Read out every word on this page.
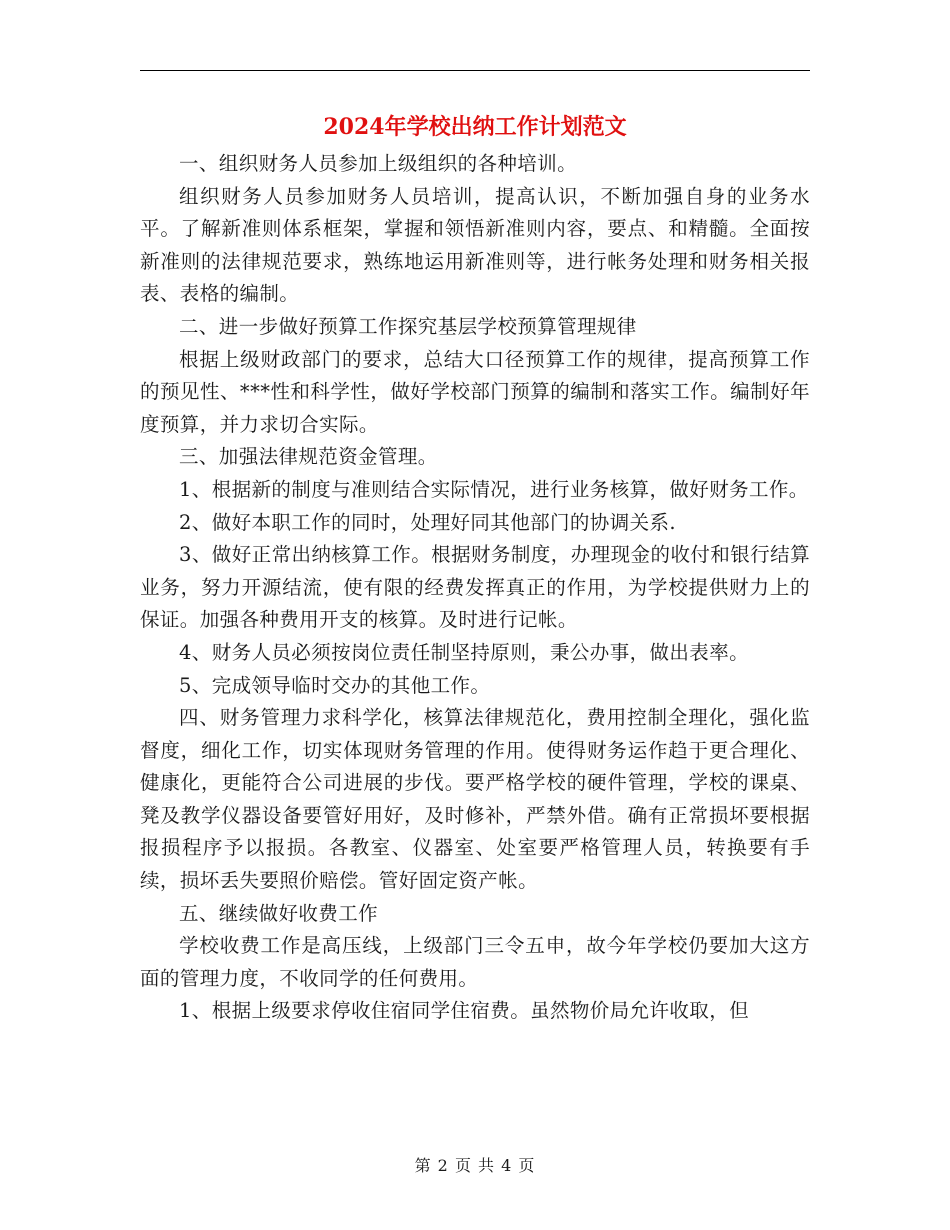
2024年学校出纳工作计划范文

一、组织财务人员参加上级组织的各种培训。

组织财务人员参加财务人员培训，提高认识，不断加强自身的业务水平。了解新准则体系框架，掌握和领悟新准则内容，要点、和精髓。全面按新准则的法律规范要求，熟练地运用新准则等，进行帐务处理和财务相关报表、表格的编制。

二、进一步做好预算工作探究基层学校预算管理规律

根据上级财政部门的要求，总结大口径预算工作的规律，提高预算工作的预见性、***性和科学性，做好学校部门预算的编制和落实工作。编制好年度预算，并力求切合实际。

三、加强法律规范资金管理。

1、根据新的制度与准则结合实际情况，进行业务核算，做好财务工作。

2、做好本职工作的同时，处理好同其他部门的协调关系.

3、做好正常出纳核算工作。根据财务制度，办理现金的收付和银行结算业务，努力开源结流，使有限的经费发挥真正的作用，为学校提供财力上的保证。加强各种费用开支的核算。及时进行记帐。

4、财务人员必须按岗位责任制坚持原则，秉公办事，做出表率。

5、完成领导临时交办的其他工作。

四、财务管理力求科学化，核算法律规范化，费用控制全理化，强化监督度，细化工作，切实体现财务管理的作用。使得财务运作趋于更合理化、健康化，更能符合公司进展的步伐。要严格学校的硬件管理，学校的课桌、凳及教学仪器设备要管好用好，及时修补，严禁外借。确有正常损坏要根据报损程序予以报损。各教室、仪器室、处室要严格管理人员，转换要有手续，损坏丢失要照价赔偿。管好固定资产帐。

五、继续做好收费工作

学校收费工作是高压线，上级部门三令五申，故今年学校仍要加大这方面的管理力度，不收同学的任何费用。

1、根据上级要求停收住宿同学住宿费。虽然物价局允许收取，但

第 2 页 共 4 页
